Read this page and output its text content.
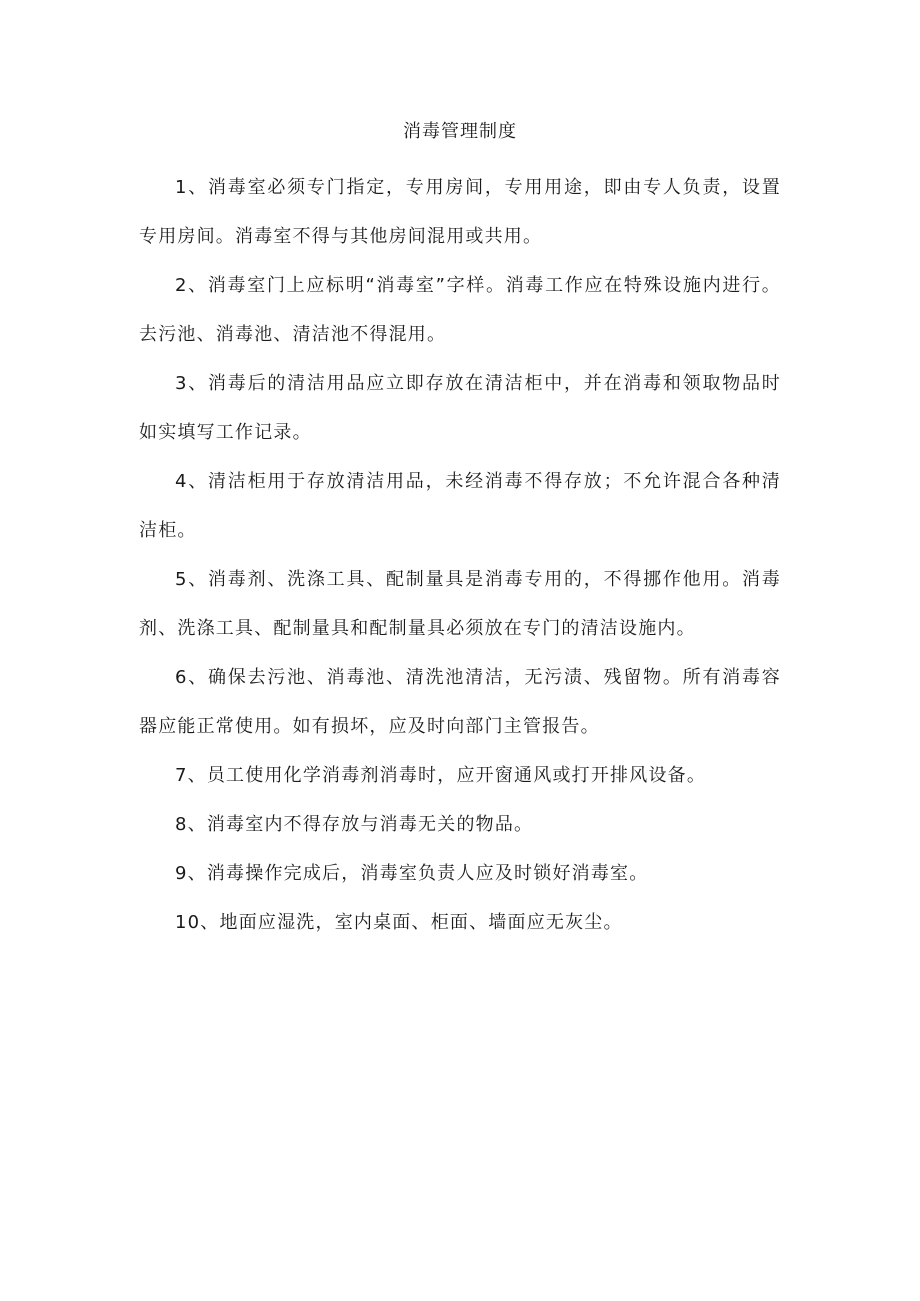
消毒管理制度
1、消毒室必须专门指定，专用房间，专用用途，即由专人负责，设置专用房间。消毒室不得与其他房间混用或共用。
2、消毒室门上应标明“消毒室”字样。消毒工作应在特殊设施内进行。去污池、消毒池、清洁池不得混用。
3、消毒后的清洁用品应立即存放在清洁柜中，并在消毒和领取物品时如实填写工作记录。
4、清洁柜用于存放清洁用品，未经消毒不得存放；不允许混合各种清洁柜。
5、消毒剂、洗涤工具、配制量具是消毒专用的，不得挪作他用。消毒剂、洗涤工具、配制量具和配制量具必须放在专门的清洁设施内。
6、确保去污池、消毒池、清洗池清洁，无污渍、残留物。所有消毒容器应能正常使用。如有损坏，应及时向部门主管报告。
7、员工使用化学消毒剂消毒时，应开窗通风或打开排风设备。
8、消毒室内不得存放与消毒无关的物品。
9、消毒操作完成后，消毒室负责人应及时锁好消毒室。
10、地面应湿洗，室内桌面、柜面、墙面应无灰尘。
